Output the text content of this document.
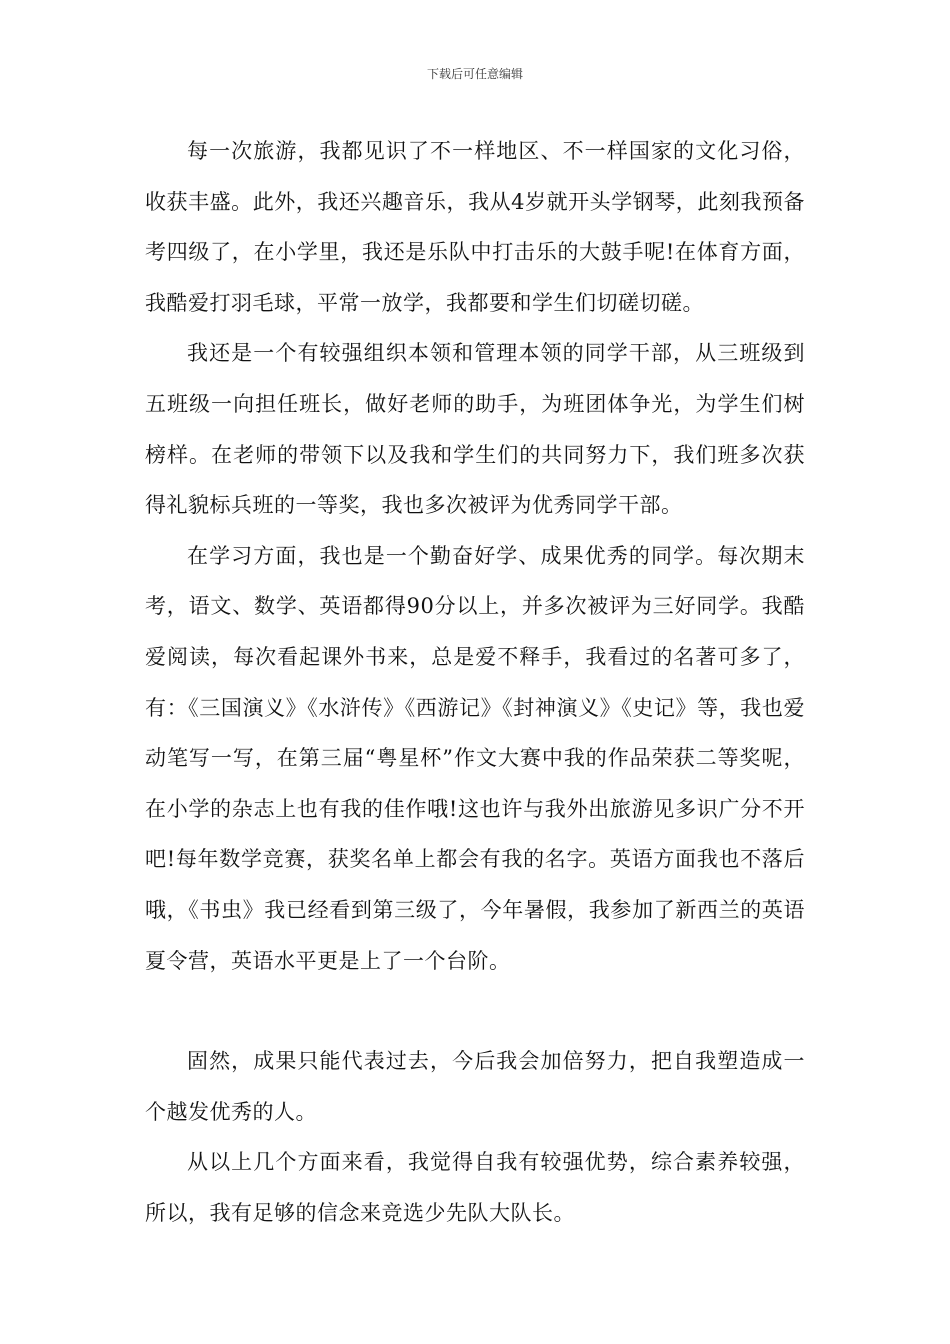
下载后可任意编辑

每一次旅游，我都见识了不一样地区、不一样国家的文化习俗，收获丰盛。此外，我还兴趣音乐，我从4岁就开头学钢琴，此刻我预备考四级了，在小学里，我还是乐队中打击乐的大鼓手呢!在体育方面，我酷爱打羽毛球，平常一放学，我都要和学生们切磋切磋。

我还是一个有较强组织本领和管理本领的同学干部，从三班级到五班级一向担任班长，做好老师的助手，为班团体争光，为学生们树榜样。在老师的带领下以及我和学生们的共同努力下，我们班多次获得礼貌标兵班的一等奖，我也多次被评为优秀同学干部。

在学习方面，我也是一个勤奋好学、成果优秀的同学。每次期末考，语文、数学、英语都得90分以上，并多次被评为三好同学。我酷爱阅读，每次看起课外书来，总是爱不释手，我看过的名著可多了，有：《三国演义》《水浒传》《西游记》《封神演义》《史记》等，我也爱动笔写一写，在第三届“粤星杯”作文大赛中我的作品荣获二等奖呢，在小学的杂志上也有我的佳作哦!这也许与我外出旅游见多识广分不开吧!每年数学竞赛，获奖名单上都会有我的名字。英语方面我也不落后哦，《书虫》我已经看到第三级了，今年暑假，我参加了新西兰的英语夏令营，英语水平更是上了一个台阶。

固然，成果只能代表过去，今后我会加倍努力，把自我塑造成一个越发优秀的人。

从以上几个方面来看，我觉得自我有较强优势，综合素养较强，所以，我有足够的信念来竞选少先队大队长。
